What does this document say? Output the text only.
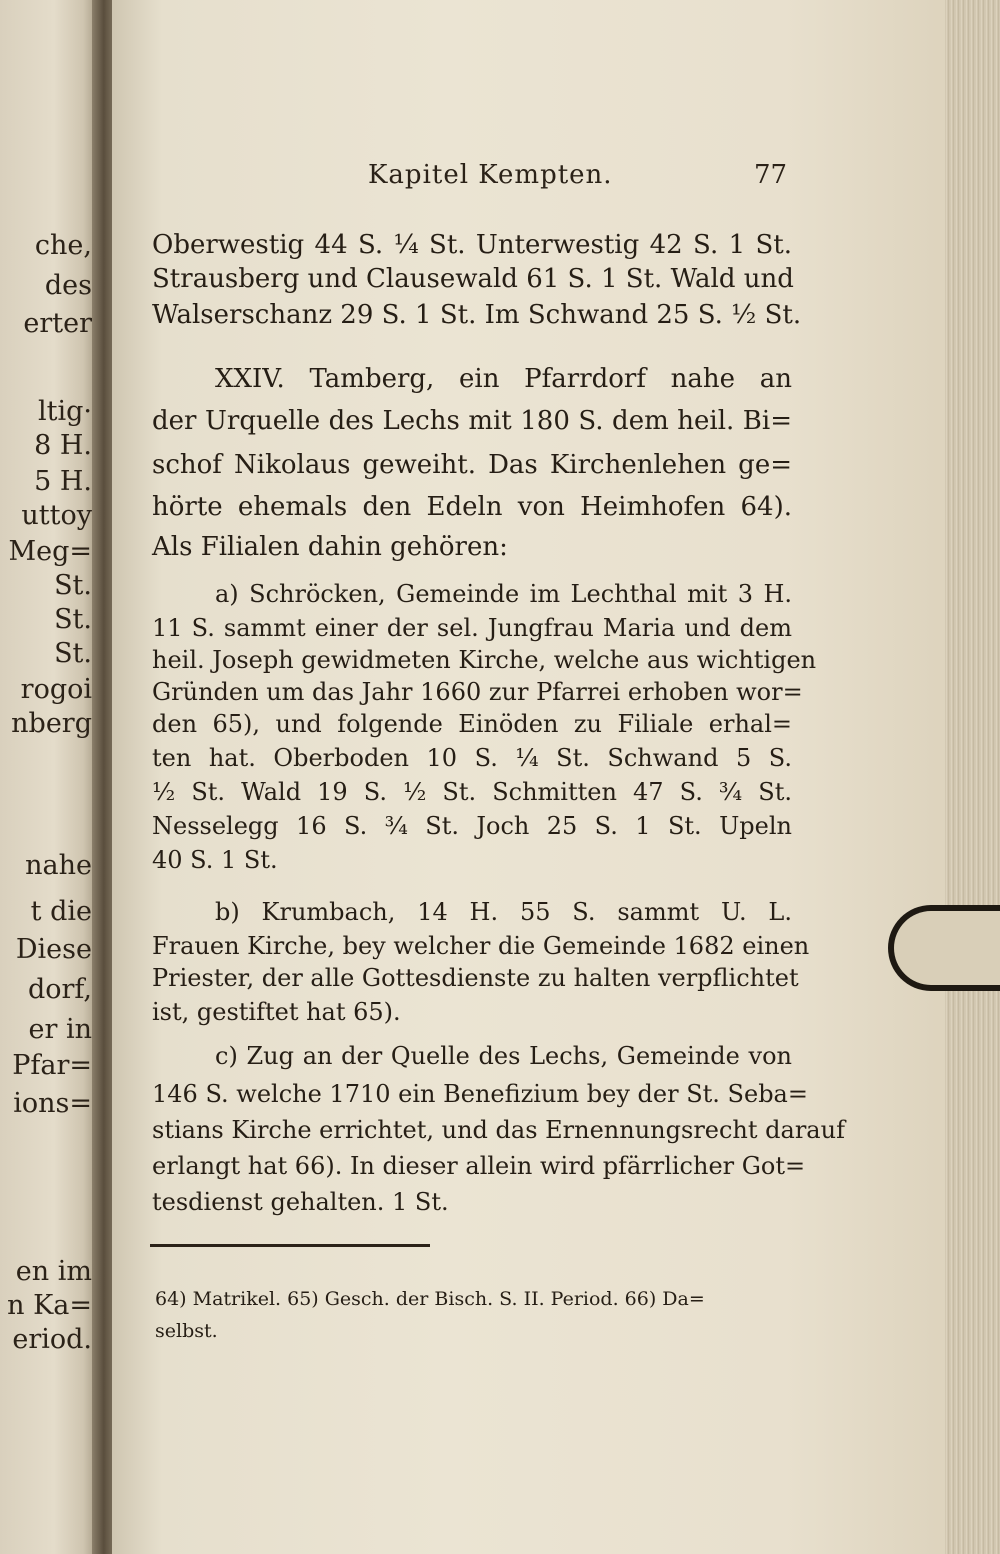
che,
des
erter
ltig·
8 H.
5 H.
uttoy
Meg=
St.
St.
St.
rogoi
nberg
nahe
t die
Diese
dorf,
er in
Pfar=
ions=
en im
n Ka=
eriod.
Kapitel Kempten.	77
Oberwestig 44 S. ¼ St. Unterwestig 42 S. 1 St.
Strausberg und Clausewald 61 S. 1 St. Wald und
Walserschanz 29 S. 1 St. Im Schwand 25 S. ½ St.
XXIV. Tamberg, ein Pfarrdorf nahe an
der Urquelle des Lechs mit 180 S. dem heil. Bi=
schof Nikolaus geweiht. Das Kirchenlehen ge=
hörte ehemals den Edeln von Heimhofen 64).
Als Filialen dahin gehören:
a) Schröcken, Gemeinde im Lechthal mit 3 H.
11 S. sammt einer der sel. Jungfrau Maria und dem
heil. Joseph gewidmeten Kirche, welche aus wichtigen
Gründen um das Jahr 1660 zur Pfarrei erhoben wor=
den 65), und folgende Einöden zu Filiale erhal=
ten hat. Oberboden 10 S. ¼ St. Schwand 5 S.
½ St. Wald 19 S. ½ St. Schmitten 47 S. ¾ St.
Nesselegg 16 S. ¾ St. Joch 25 S. 1 St. Upeln
40 S. 1 St.
b) Krumbach, 14 H. 55 S. sammt U. L.
Frauen Kirche, bey welcher die Gemeinde 1682 einen
Priester, der alle Gottesdienste zu halten verpflichtet
ist, gestiftet hat 65).
c) Zug an der Quelle des Lechs, Gemeinde von
146 S. welche 1710 ein Benefizium bey der St. Seba=
stians Kirche errichtet, und das Ernennungsrecht darauf
erlangt hat 66). In dieser allein wird pfärrlicher Got=
tesdienst gehalten. 1 St.
64) Matrikel. 65) Gesch. der Bisch. S. II. Period. 66) Da=
selbst.
